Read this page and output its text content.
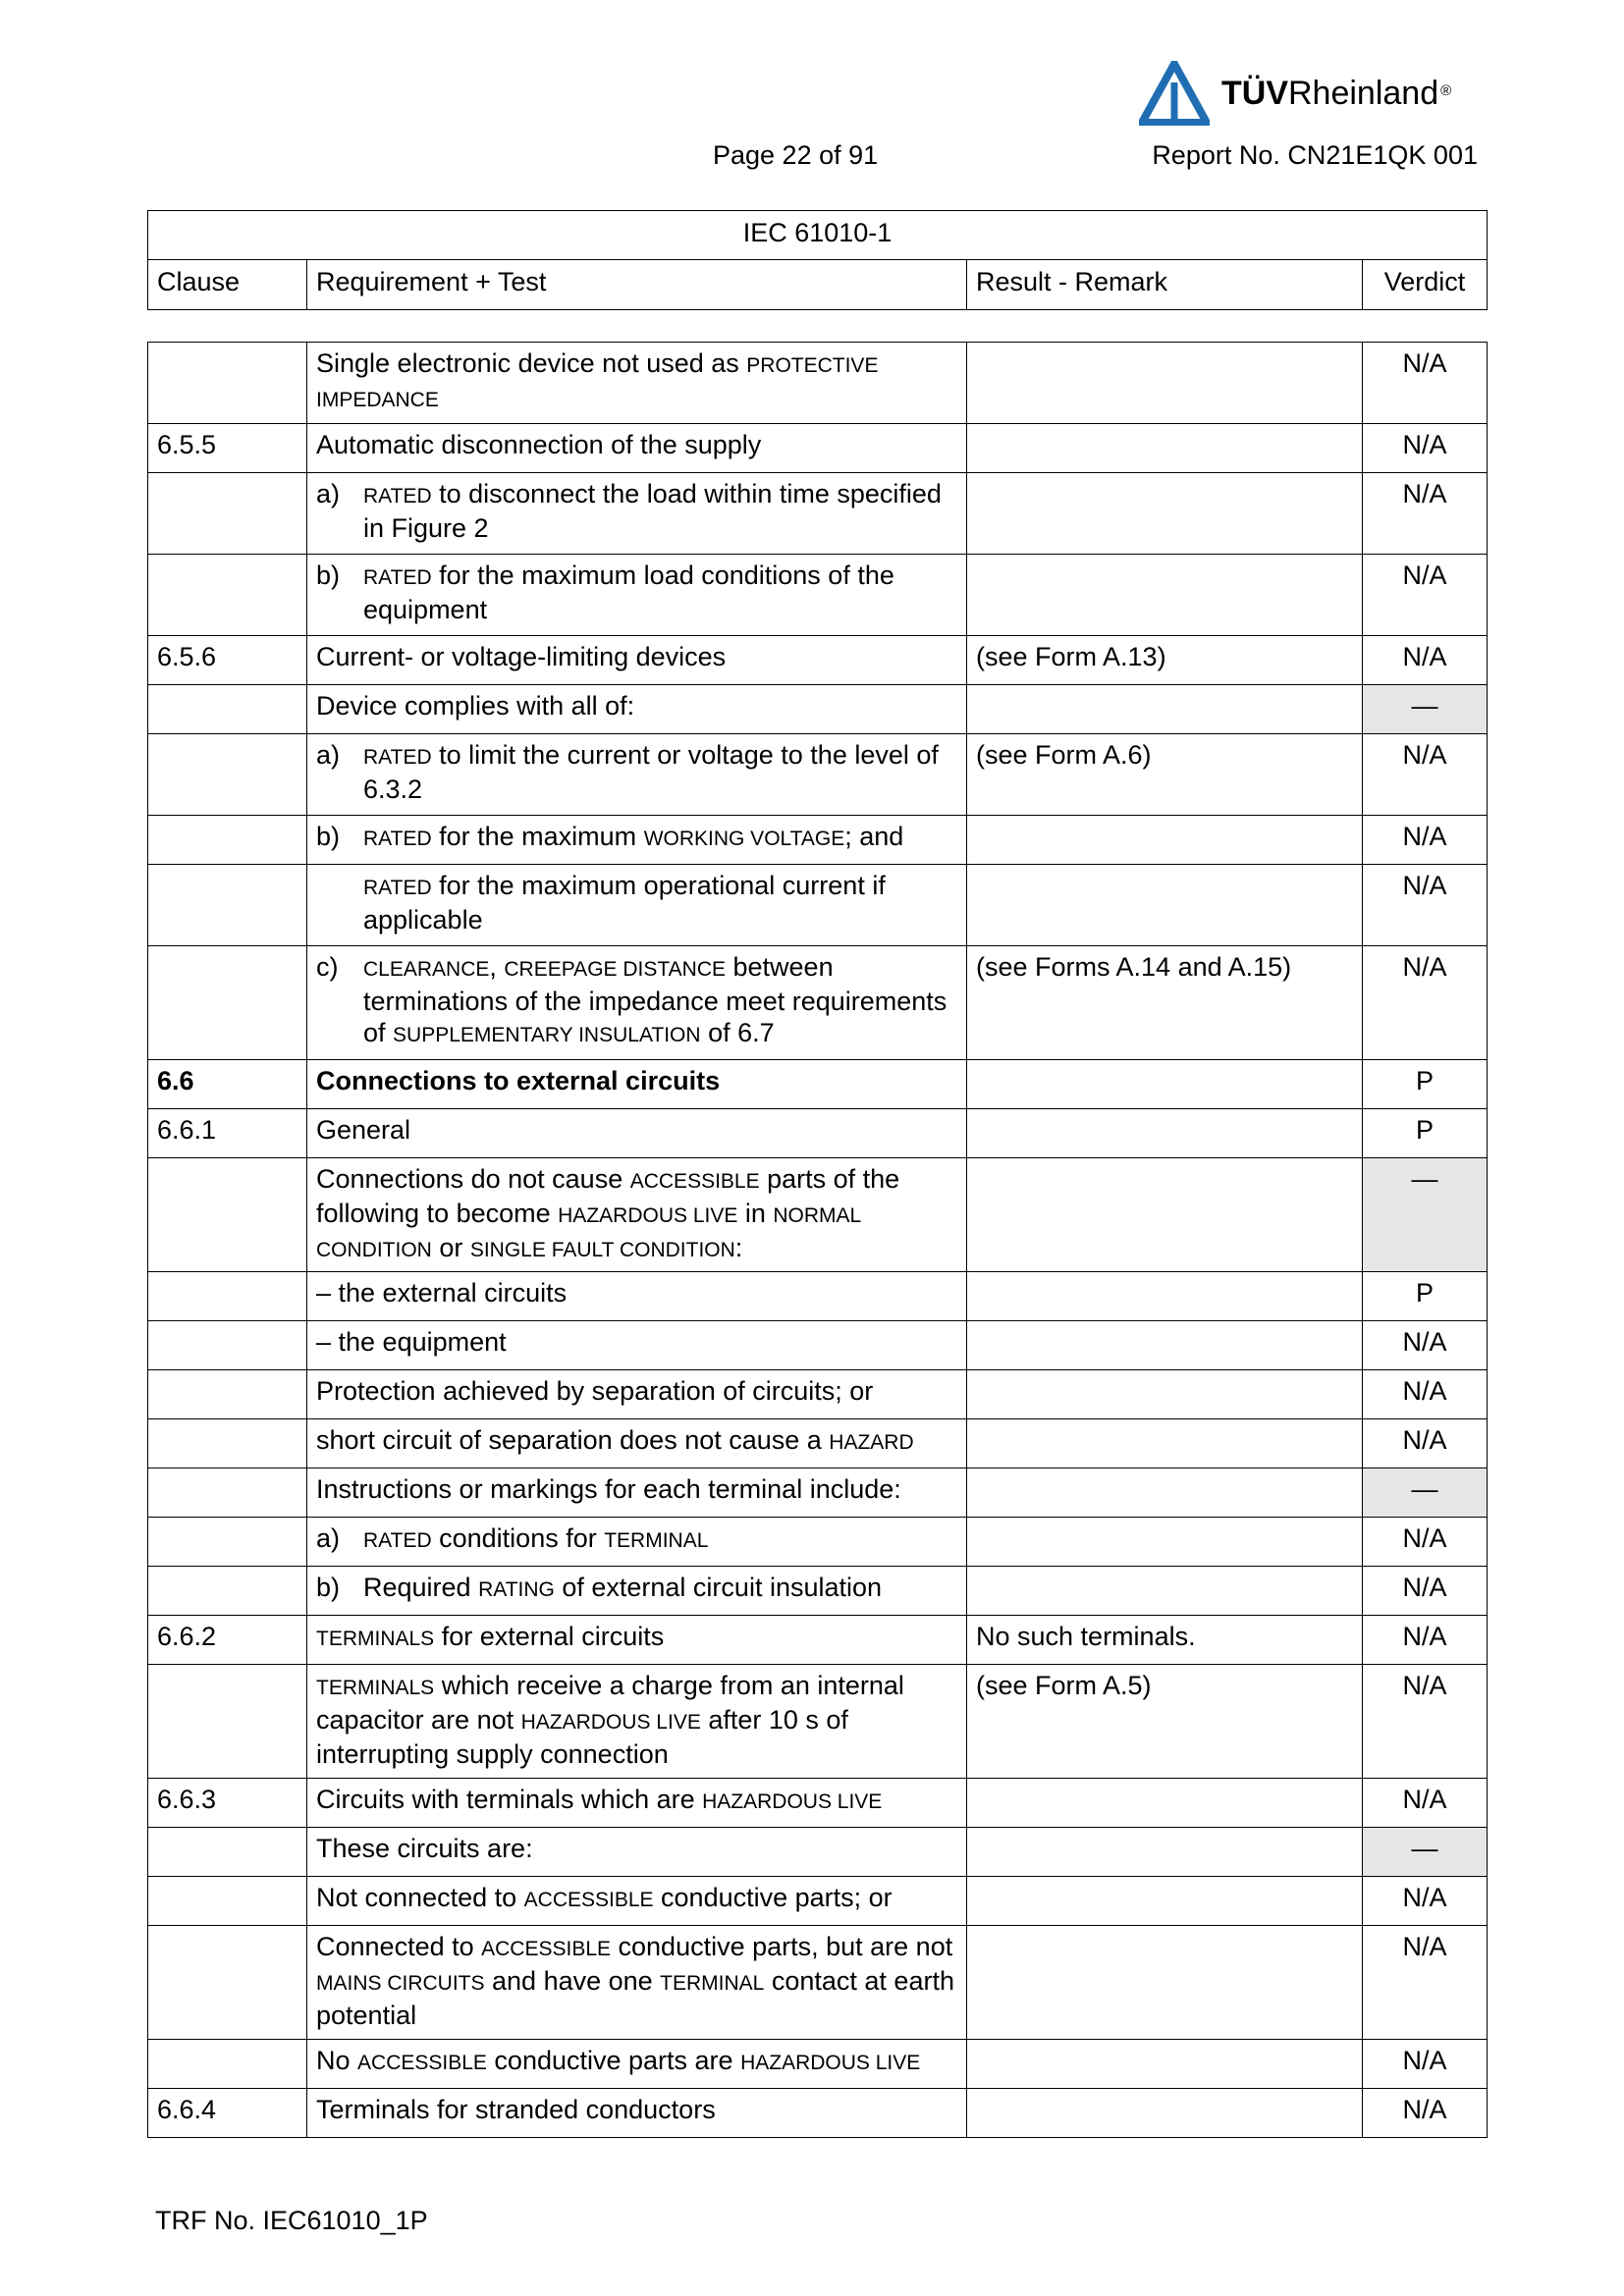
TÜVRheinland ®
Page 22 of 91	Report No. CN21E1QK 001
IEC 61010-1
Clause	Requirement + Test	Result - Remark	Verdict
	Single electronic device not used as PROTECTIVE IMPEDANCE		N/A
6.5.5	Automatic disconnection of the supply		N/A

	a) RATED to disconnect the load within time specified in Figure 2		N/A

	b) RATED for the maximum load conditions of the equipment		N/A
6.5.6	Current- or voltage-limiting devices	(see Form A.13)	N/A
	Device complies with all of:		—

	a) RATED to limit the current or voltage to the level of 6.3.2	(see Form A.6)	N/A

	b) RATED for the maximum WORKING VOLTAGE; and		N/A

	RATED for the maximum operational current if applicable		N/A

	c) CLEARANCE, CREEPAGE DISTANCE between terminations of the impedance meet requirements of SUPPLEMENTARY INSULATION of 6.7	(see Forms A.14 and A.15)	N/A
6.6	Connections to external circuits		P
6.6.1	General		P
	Connections do not cause ACCESSIBLE parts of the following to become HAZARDOUS LIVE in NORMAL CONDITION or SINGLE FAULT CONDITION:		—
	– the external circuits		P
	– the equipment		N/A
	Protection achieved by separation of circuits; or		N/A
	short circuit of separation does not cause a HAZARD		N/A
	Instructions or markings for each terminal include:		—

	a) RATED conditions for TERMINAL		N/A

	b) Required RATING of external circuit insulation		N/A
6.6.2	TERMINALS for external circuits	No such terminals.	N/A
	TERMINALS which receive a charge from an internal capacitor are not HAZARDOUS LIVE after 10 s of interrupting supply connection	(see Form A.5)	N/A
6.6.3	Circuits with terminals which are HAZARDOUS LIVE		N/A
	These circuits are:		—
	Not connected to ACCESSIBLE conductive parts; or		N/A
	Connected to ACCESSIBLE conductive parts, but are not MAINS CIRCUITS and have one TERMINAL contact at earth potential		N/A
	No ACCESSIBLE conductive parts are HAZARDOUS LIVE		N/A
6.6.4	Terminals for stranded conductors		N/A
TRF No. IEC61010_1P
